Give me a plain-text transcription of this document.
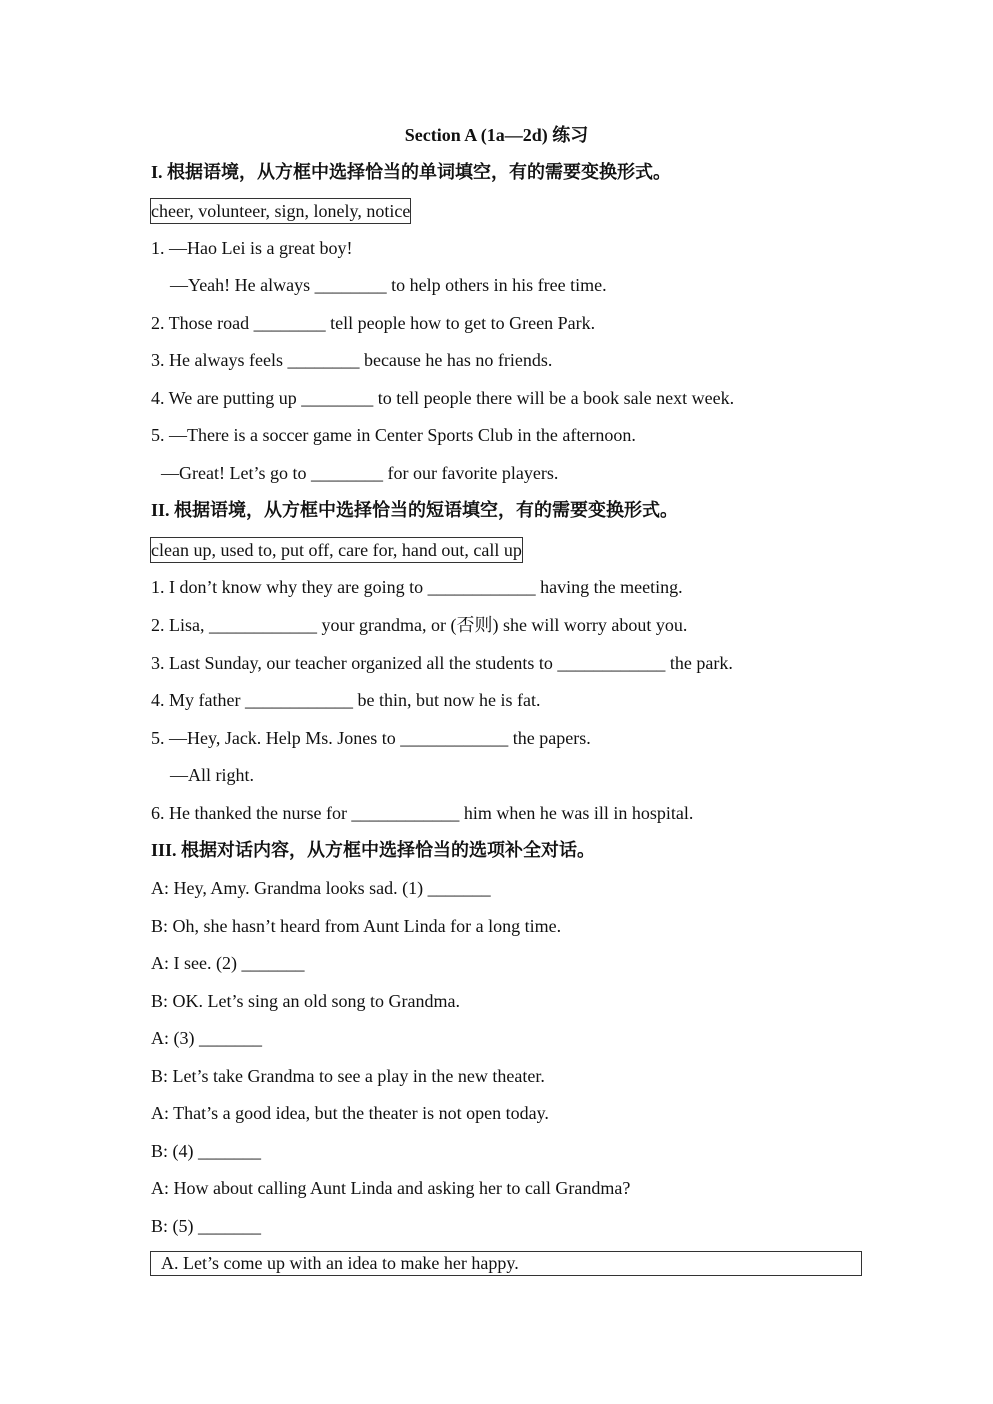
Section A (1a—2d) 练习
I. 根据语境，从方框中选择恰当的单词填空，有的需要变换形式。
cheer, volunteer, sign, lonely, notice
1. —Hao Lei is a great boy!
—Yeah! He always ________ to help others in his free time.
2. Those road ________ tell people how to get to Green Park.
3. He always feels ________ because he has no friends.
4. We are putting up ________ to tell people there will be a book sale next week.
5. —There is a soccer game in Center Sports Club in the afternoon.
—Great! Let’s go to ________ for our favorite players.
II. 根据语境，从方框中选择恰当的短语填空，有的需要变换形式。
clean up, used to, put off, care for, hand out, call up
1. I don’t know why they are going to ____________ having the meeting.
2. Lisa, ____________ your grandma, or (否则) she will worry about you.
3. Last Sunday, our teacher organized all the students to ____________ the park.
4. My father ____________ be thin, but now he is fat.
5. —Hey, Jack. Help Ms. Jones to ____________ the papers.
—All right.
6. He thanked the nurse for ____________ him when he was ill in hospital.
III. 根据对话内容，从方框中选择恰当的选项补全对话。
A: Hey, Amy. Grandma looks sad. (1) _______
B: Oh, she hasn’t heard from Aunt Linda for a long time.
A: I see. (2) _______
B: OK. Let’s sing an old song to Grandma.
A: (3) _______
B: Let’s take Grandma to see a play in the new theater.
A: That’s a good idea, but the theater is not open today.
B: (4) _______
A: How about calling Aunt Linda and asking her to call Grandma?
B: (5) _______
A. Let’s come up with an idea to make her happy.
